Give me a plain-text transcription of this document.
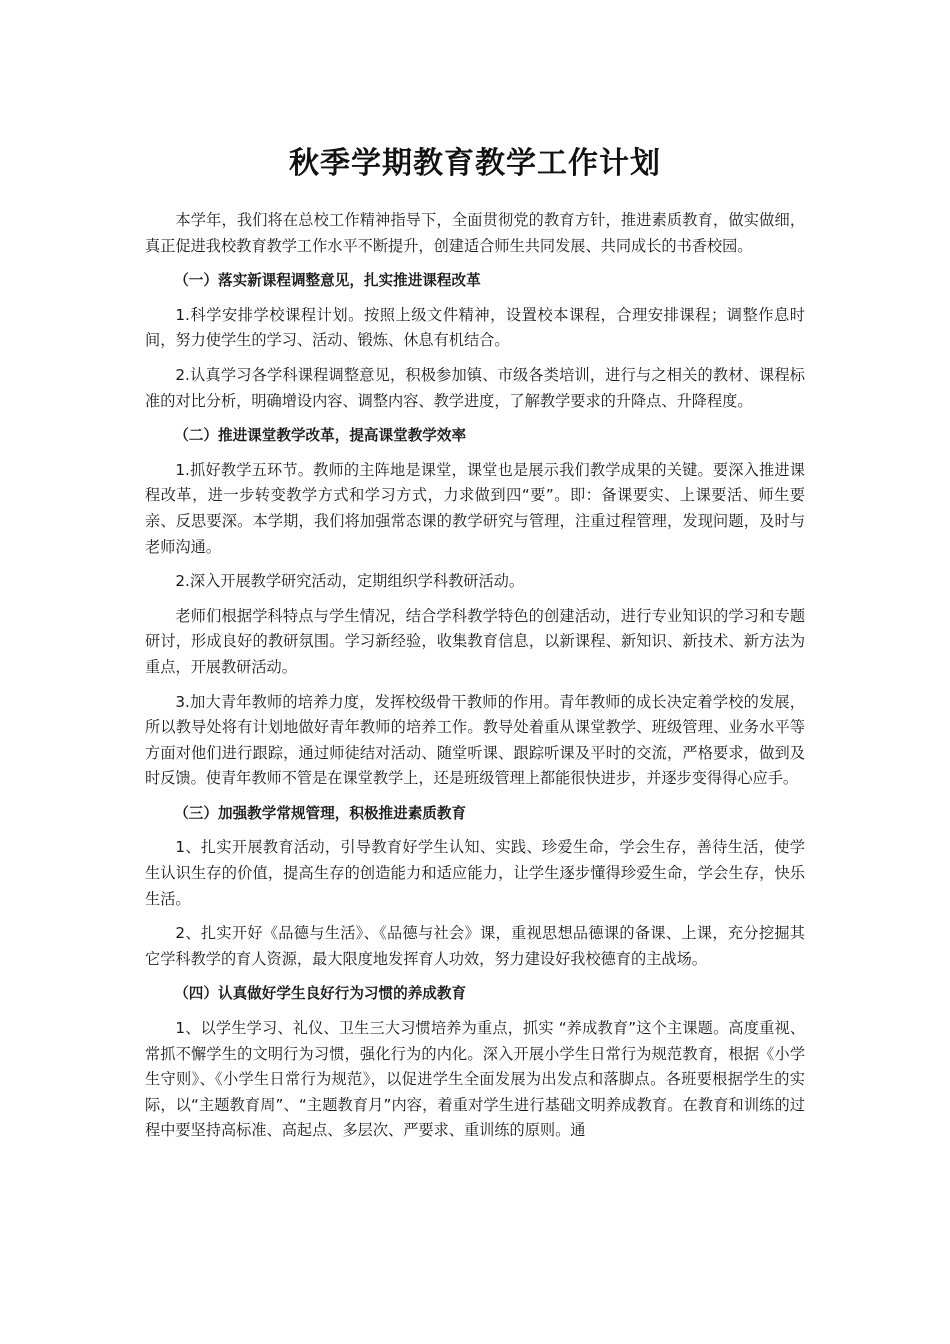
秋季学期教育教学工作计划

本学年，我们将在总校工作精神指导下，全面贯彻党的教育方针，推进素质教育，做实做细，真正促进我校教育教学工作水平不断提升，创建适合师生共同发展、共同成长的书香校园。

（一）落实新课程调整意见，扎实推进课程改革

1.科学安排学校课程计划。按照上级文件精神，设置校本课程，合理安排课程；调整作息时间，努力使学生的学习、活动、锻炼、休息有机结合。

2.认真学习各学科课程调整意见，积极参加镇、市级各类培训，进行与之相关的教材、课程标准的对比分析，明确增设内容、调整内容、教学进度，了解教学要求的升降点、升降程度。

（二）推进课堂教学改革，提高课堂教学效率

1.抓好教学五环节。教师的主阵地是课堂，课堂也是展示我们教学成果的关键。要深入推进课程改革，进一步转变教学方式和学习方式，力求做到四“要”。即：备课要实、上课要活、师生要亲、反思要深。本学期，我们将加强常态课的教学研究与管理，注重过程管理，发现问题，及时与老师沟通。

2.深入开展教学研究活动，定期组织学科教研活动。

老师们根据学科特点与学生情况，结合学科教学特色的创建活动，进行专业知识的学习和专题研讨，形成良好的教研氛围。学习新经验，收集教育信息，以新课程、新知识、新技术、新方法为重点，开展教研活动。

3.加大青年教师的培养力度，发挥校级骨干教师的作用。青年教师的成长决定着学校的发展，所以教导处将有计划地做好青年教师的培养工作。教导处着重从课堂教学、班级管理、业务水平等方面对他们进行跟踪，通过师徒结对活动、随堂听课、跟踪听课及平时的交流，严格要求，做到及时反馈。使青年教师不管是在课堂教学上，还是班级管理上都能很快进步，并逐步变得得心应手。

（三）加强教学常规管理，积极推进素质教育

1、扎实开展教育活动，引导教育好学生认知、实践、珍爱生命，学会生存，善待生活，使学生认识生存的价值，提高生存的创造能力和适应能力，让学生逐步懂得珍爱生命，学会生存，快乐生活。

2、扎实开好《品德与生活》、《品德与社会》课，重视思想品德课的备课、上课，充分挖掘其它学科教学的育人资源，最大限度地发挥育人功效，努力建设好我校德育的主战场。

（四）认真做好学生良好行为习惯的养成教育

1、以学生学习、礼仪、卫生三大习惯培养为重点，抓实 “养成教育”这个主课题。高度重视、常抓不懈学生的文明行为习惯，强化行为的内化。深入开展小学生日常行为规范教育，根据《小学生守则》、《小学生日常行为规范》，以促进学生全面发展为出发点和落脚点。各班要根据学生的实际，以“主题教育周”、“主题教育月”内容，着重对学生进行基础文明养成教育。在教育和训练的过程中要坚持高标准、高起点、多层次、严要求、重训练的原则。通
